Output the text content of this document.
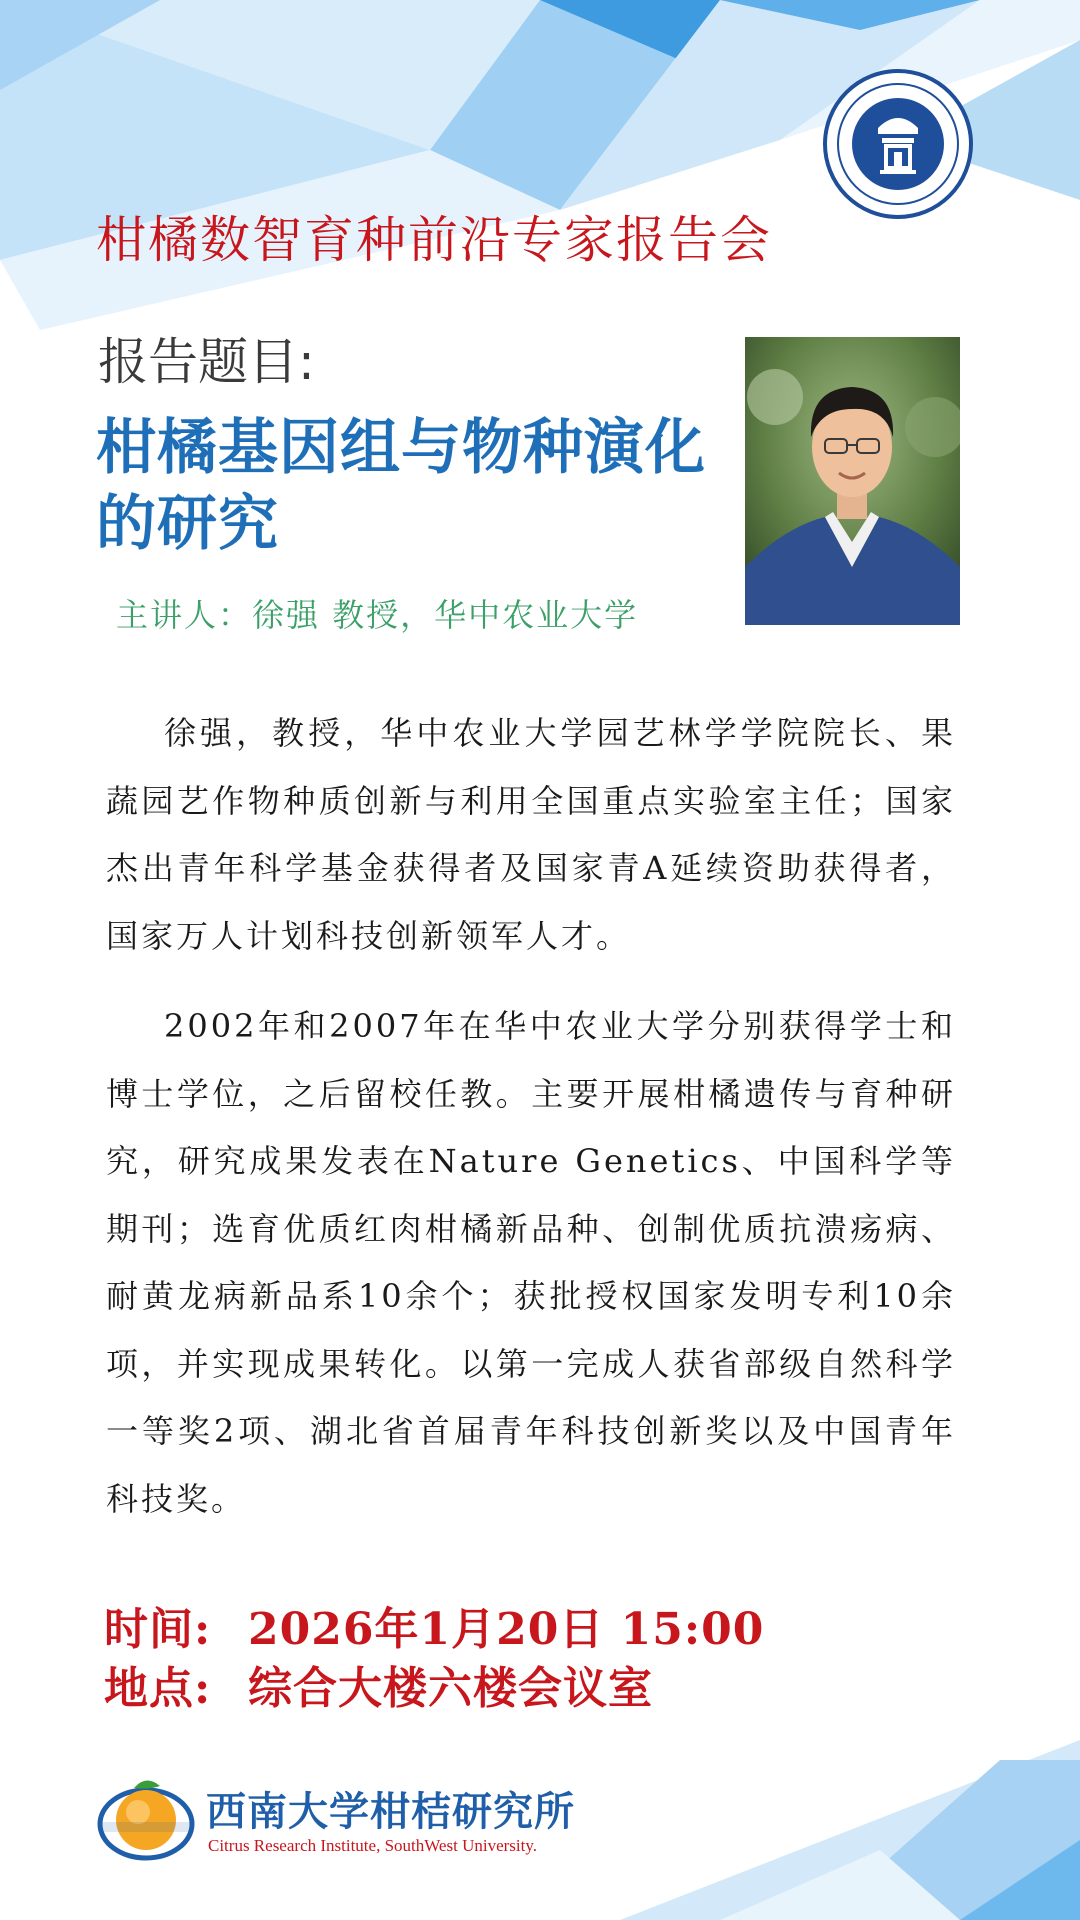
柑橘数智育种前沿专家报告会
报告题目:
柑橘基因组与物种演化的研究
主讲人：徐强 教授，华中农业大学

徐强，教授，华中农业大学园艺林学学院院长、果蔬园艺作物种质创新与利用全国重点实验室主任；国家杰出青年科学基金获得者及国家青A延续资助获得者，国家万人计划科技创新领军人才。

2002年和2007年在华中农业大学分别获得学士和博士学位，之后留校任教。主要开展柑橘遗传与育种研究，研究成果发表在Nature Genetics、中国科学等期刊；选育优质红肉柑橘新品种、创制优质抗溃疡病、耐黄龙病新品系10余个；获批授权国家发明专利10余项，并实现成果转化。以第一完成人获省部级自然科学一等奖2项、湖北省首届青年科技创新奖以及中国青年科技奖。

时间: 2026年1月20日 15:00
地点: 综合大楼六楼会议室
西南大学柑桔研究所
Citrus Research Institute, SouthWest University.
